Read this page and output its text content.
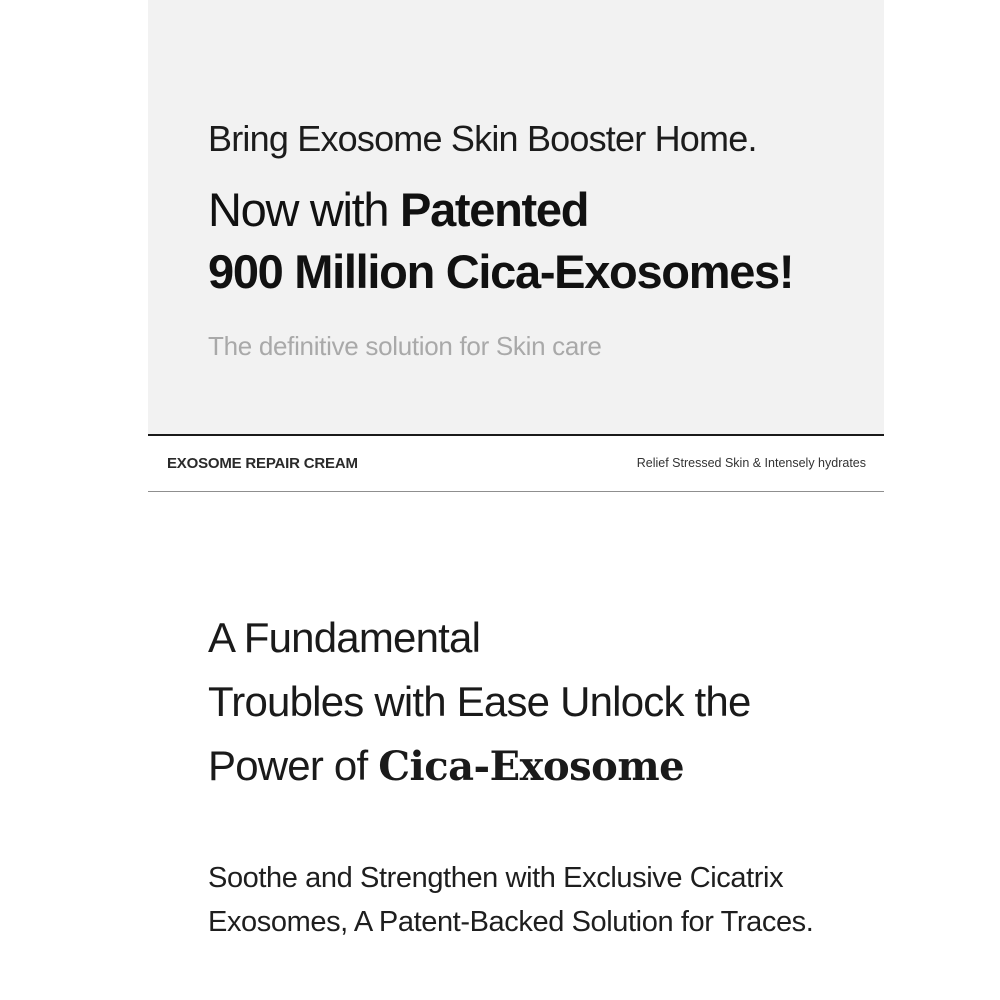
Bring Exosome Skin Booster Home.
Now with Patented
900 Million Cica-Exosomes!
The definitive solution for Skin care
EXOSOME REPAIR CREAM	Relief Stressed Skin & Intensely hydrates
A Fundamental
Troubles with Ease Unlock the
Power of Cica-Exosome
Soothe and Strengthen with Exclusive Cicatrix
Exosomes, A Patent-Backed Solution for Traces.
